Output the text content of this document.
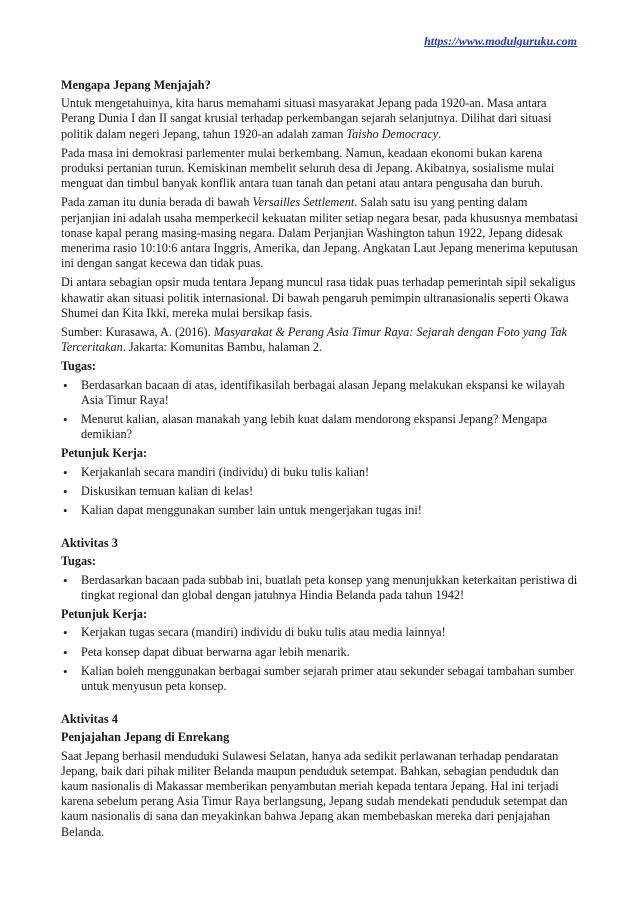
https://www.modulguruku.com

Mengapa Jepang Menjajah?

Untuk mengetahuinya, kita harus memahami situasi masyarakat Jepang pada 1920-an. Masa antara Perang Dunia I dan II sangat krusial terhadap perkembangan sejarah selanjutnya. Dilihat dari situasi politik dalam negeri Jepang, tahun 1920-an adalah zaman Taisho Democracy.

Pada masa ini demokrasi parlementer mulai berkembang. Namun, keadaan ekonomi bukan karena produksi pertanian turun. Kemiskinan membelit seluruh desa di Jepang. Akibatnya, sosialisme mulai menguat dan timbul banyak konflik antara tuan tanah dan petani atau antara pengusaha dan buruh.

Pada zaman itu dunia berada di bawah Versailles Settlement. Salah satu isu yang penting dalam perjanjian ini adalah usaha memperkecil kekuatan militer setiap negara besar, pada khususnya membatasi tonase kapal perang masing-masing negara. Dalam Perjanjian Washington tahun 1922, Jepang didesak menerima rasio 10:10:6 antara Inggris, Amerika, dan Jepang. Angkatan Laut Jepang menerima keputusan ini dengan sangat kecewa dan tidak puas.

Di antara sebagian opsir muda tentara Jepang muncul rasa tidak puas terhadap pemerintah sipil sekaligus khawatir akan situasi politik internasional. Di bawah pengaruh pemimpin ultranasionalis seperti Okawa Shumei dan Kita Ikki, mereka mulai bersikap fasis.

Sumber: Kurasawa, A. (2016). Masyarakat & Perang Asia Timur Raya: Sejarah dengan Foto yang Tak Terceritakan. Jakarta: Komunitas Bambu, halaman 2.

Tugas:

• Berdasarkan bacaan di atas, identifikasilah berbagai alasan Jepang melakukan ekspansi ke wilayah Asia Timur Raya!
• Menurut kalian, alasan manakah yang lebih kuat dalam mendorong ekspansi Jepang? Mengapa demikian?

Petunjuk Kerja:

• Kerjakanlah secara mandiri (individu) di buku tulis kalian!
• Diskusikan temuan kalian di kelas!
• Kalian dapat menggunakan sumber lain untuk mengerjakan tugas ini!

Aktivitas 3

Tugas:

• Berdasarkan bacaan pada subbab ini, buatlah peta konsep yang menunjukkan keterkaitan peristiwa di tingkat regional dan global dengan jatuhnya Hindia Belanda pada tahun 1942!

Petunjuk Kerja:

• Kerjakan tugas secara (mandiri) individu di buku tulis atau media lainnya!
• Peta konsep dapat dibuat berwarna agar lebih menarik.
• Kalian boleh menggunakan berbagai sumber sejarah primer atau sekunder sebagai tambahan sumber untuk menyusun peta konsep.

Aktivitas 4

Penjajahan Jepang di Enrekang

Saat Jepang berhasil menduduki Sulawesi Selatan, hanya ada sedikit perlawanan terhadap pendaratan Jepang, baik dari pihak militer Belanda maupun penduduk setempat. Bahkan, sebagian penduduk dan kaum nasionalis di Makassar memberikan penyambutan meriah kepada tentara Jepang. Hal ini terjadi karena sebelum perang Asia Timur Raya berlangsung, Jepang sudah mendekati penduduk setempat dan kaum nasionalis di sana dan meyakinkan bahwa Jepang akan membebaskan mereka dari penjajahan Belanda.
